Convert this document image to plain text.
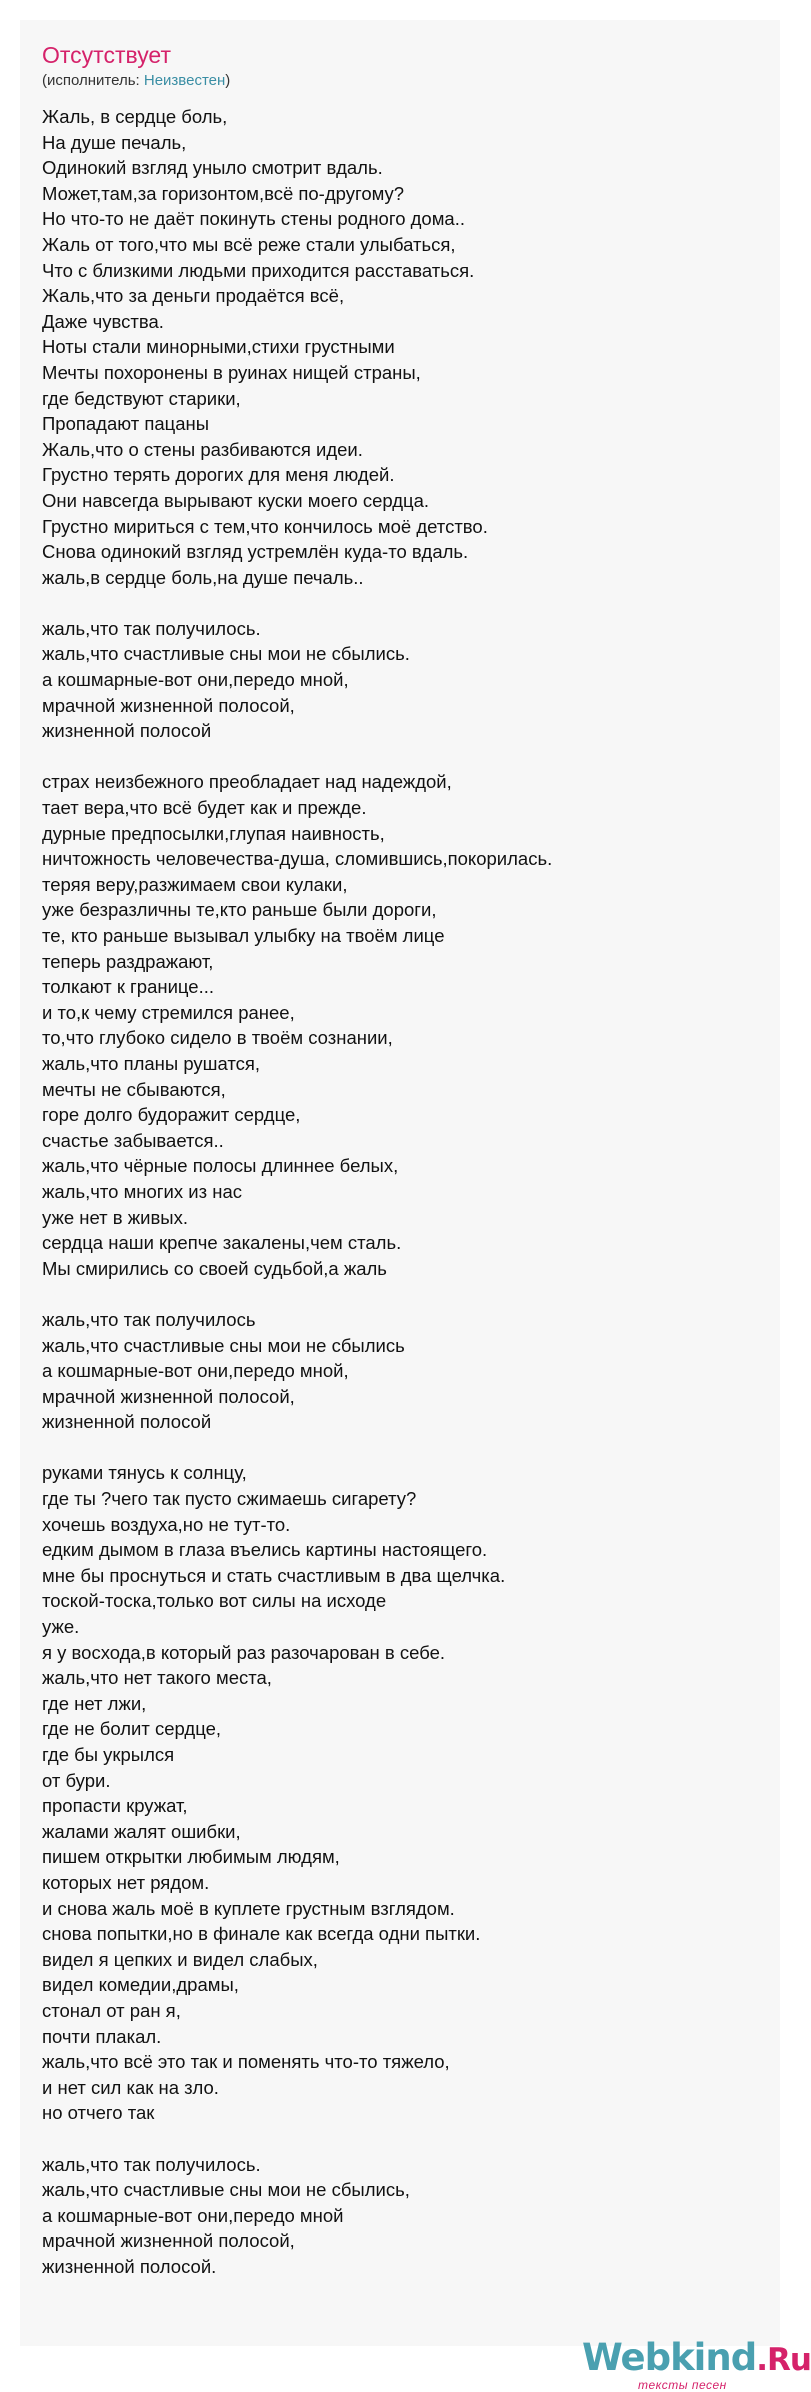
Отсутствует
(исполнитель: Неизвестен)
Жаль, в сердце боль,
На душе печаль,
Одинокий взгляд уныло смотрит вдаль.
Может,там,за горизонтом,всё по-другому?
Но что-то не даёт покинуть стены родного дома..
Жаль от того,что мы всё реже стали улыбаться,
Что с близкими людьми приходится расставаться.
Жаль,что за деньги продаётся всё,
Даже чувства.
Ноты стали минорными,стихи грустными
Мечты похоронены в руинах нищей страны,
где бедствуют старики,
Пропадают пацаны
Жаль,что о стены разбиваются идеи.
Грустно терять дорогих для меня людей.
Они навсегда вырывают куски моего сердца.
Грустно мириться с тем,что кончилось моё детство.
Снова одинокий взгляд устремлён куда-то вдаль.
жаль,в сердце боль,на душе печаль..
жаль,что так получилось.
жаль,что счастливые сны мои не сбылись.
а кошмарные-вот они,передо мной,
мрачной жизненной полосой,
жизненной полосой
страх неизбежного преобладает над надеждой,
тает вера,что всё будет как и прежде.
дурные предпосылки,глупая наивность,
ничтожность человечества-душа, сломившись,покорилась.
теряя веру,разжимаем свои кулаки,
уже безразличны те,кто раньше были дороги,
те, кто раньше вызывал улыбку на твоём лице
теперь раздражают,
толкают к границе...
и то,к чему стремился ранее,
то,что глубоко сидело в твоём сознании,
жаль,что планы рушатся,
мечты не сбываются,
горе долго будоражит сердце,
счастье забывается..
жаль,что чёрные полосы длиннее белых,
жаль,что многих из нас
уже нет в живых.
сердца наши крепче закалены,чем сталь.
Мы смирились со своей судьбой,а жаль
жаль,что так получилось
жаль,что счастливые сны мои не сбылись
а кошмарные-вот они,передо мной,
мрачной жизненной полосой,
жизненной полосой
руками тянусь к солнцу,
где ты ?чего так пусто сжимаешь сигарету?
хочешь воздуха,но не тут-то.
едким дымом в глаза въелись картины настоящего.
мне бы проснуться и стать счастливым в два щелчка.
тоской-тоска,только вот силы на исходе
уже.
я у восхода,в который раз разочарован в себе.
жаль,что нет такого места,
где нет лжи,
где не болит сердце,
где бы укрылся
от бури.
пропасти кружат,
жалами жалят ошибки,
пишем открытки любимым людям,
которых нет рядом.
и снова жаль моё в куплете грустным взглядом.
снова попытки,но в финале как всегда одни пытки.
видел я цепких и видел слабых,
видел комедии,драмы,
стонал от ран я,
почти плакал.
жаль,что всё это так и поменять что-то тяжело,
и нет сил как на зло.
но отчего так
жаль,что так получилось.
жаль,что счастливые сны мои не сбылись,
а кошмарные-вот они,передо мной
мрачной жизненной полосой,
жизненной полосой.
Webkind.Ru
тексты песен
